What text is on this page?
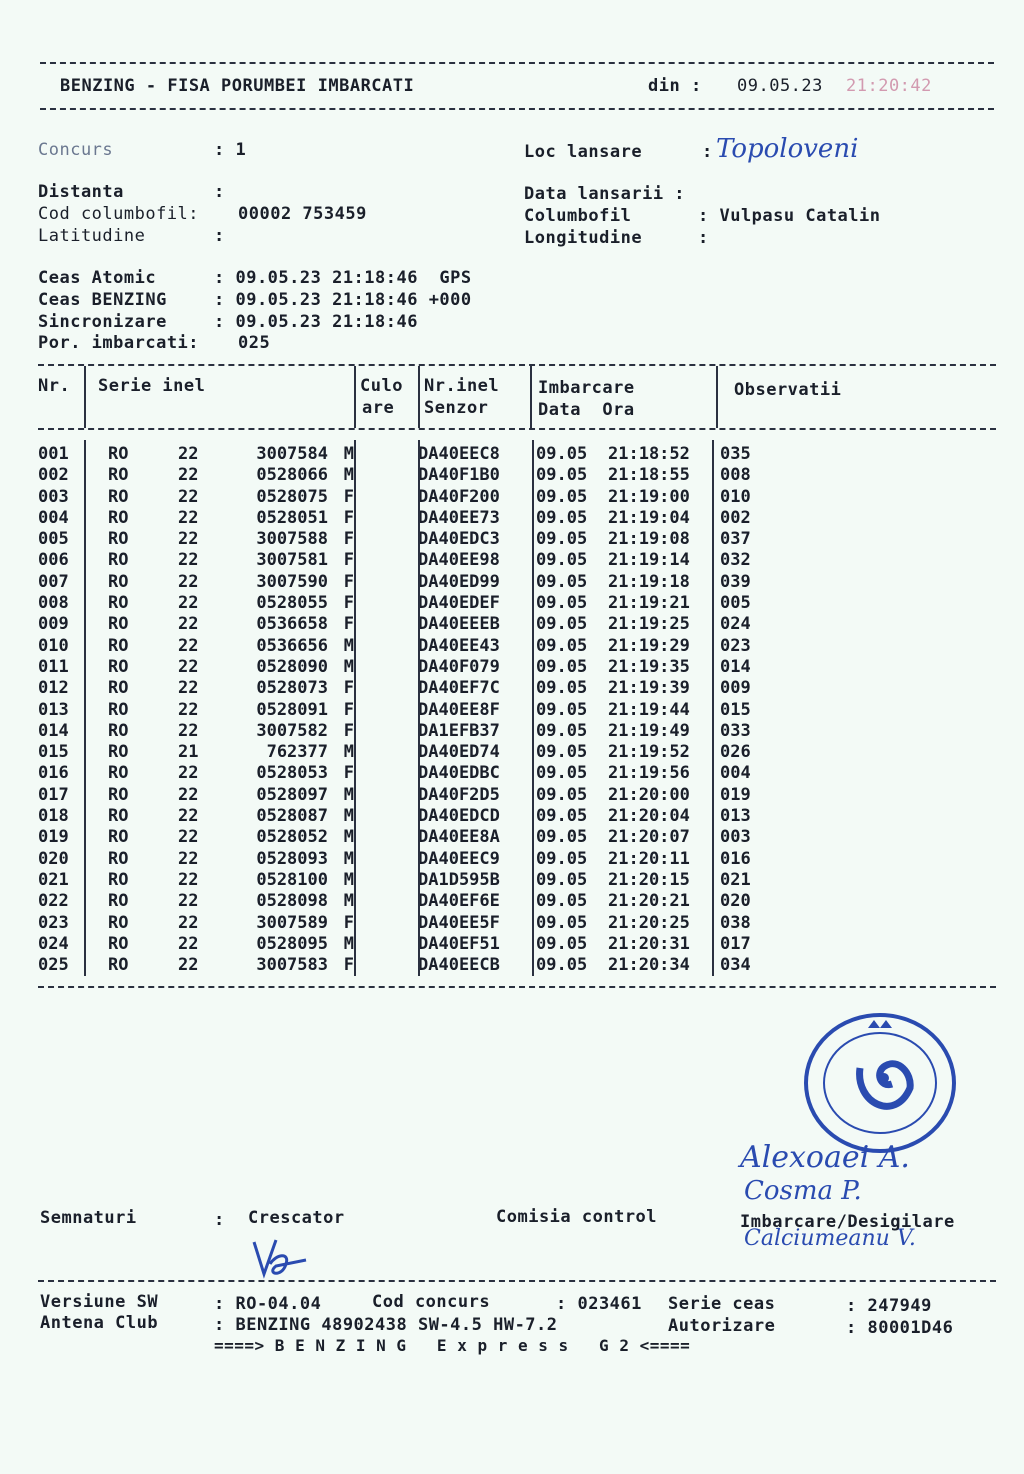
BENZING - FISA PORUMBEI IMBARCATI	din : 09.05.23 21:20:42
Concurs	: 1	Loc lansare	: Topoloveni
Distanta	:	Data lansarii :
Cod columbofil: 00002 753459	Columbofil	: Vulpasu Catalin
Latitudine	:	Longitudine	:
Ceas Atomic	: 09.05.23 21:18:46  GPS
Ceas BENZING	: 09.05.23 21:18:46 +000
Sincronizare	: 09.05.23 21:18:46
Por. imbarcati: 025
Nr. Serie inel	Culo
are
Nr.inel
Senzor
Imbarcare
Data  Ora
Observatii
001	RO	22	3007584	M		DA40EEC8	09.05	21:18:52	035
002	RO	22	0528066	M		DA40F1B0	09.05	21:18:55	008
003	RO	22	0528075	F		DA40F200	09.05	21:19:00	010
004	RO	22	0528051	F		DA40EE73	09.05	21:19:04	002
005	RO	22	3007588	F		DA40EDC3	09.05	21:19:08	037
006	RO	22	3007581	F		DA40EE98	09.05	21:19:14	032
007	RO	22	3007590	F		DA40ED99	09.05	21:19:18	039
008	RO	22	0528055	F		DA40EDEF	09.05	21:19:21	005
009	RO	22	0536658	F		DA40EEEB	09.05	21:19:25	024
010	RO	22	0536656	M		DA40EE43	09.05	21:19:29	023
011	RO	22	0528090	M		DA40F079	09.05	21:19:35	014
012	RO	22	0528073	F		DA40EF7C	09.05	21:19:39	009
013	RO	22	0528091	F		DA40EE8F	09.05	21:19:44	015
014	RO	22	3007582	F		DA1EFB37	09.05	21:19:49	033
015	RO	21	762377	M		DA40ED74	09.05	21:19:52	026
016	RO	22	0528053	F		DA40EDBC	09.05	21:19:56	004
017	RO	22	0528097	M		DA40F2D5	09.05	21:20:00	019
018	RO	22	0528087	M		DA40EDCD	09.05	21:20:04	013
019	RO	22	0528052	M		DA40EE8A	09.05	21:20:07	003
020	RO	22	0528093	M		DA40EEC9	09.05	21:20:11	016
021	RO	22	0528100	M		DA1D595B	09.05	21:20:15	021
022	RO	22	0528098	M		DA40EF6E	09.05	21:20:21	020
023	RO	22	3007589	F		DA40EE5F	09.05	21:20:25	038
024	RO	22	0528095	M		DA40EF51	09.05	21:20:31	017
025	RO	22	3007583	F		DA40EECB	09.05	21:20:34	034
Alexoaei A.
Cosma P.
Calciumeanu V.
Semnaturi	: Crescator	Comisia control	Imbarcare/Desigilare
Versiune SW	: RO-04.04	Cod concurs	: 023461 Serie ceas	: 247949
Antena Club	: BENZING 48902438 SW-4.5 HW-7.2	Autorizare	: 80001D46
====> B E N Z I N G   E x p r e s s   G 2 <====
